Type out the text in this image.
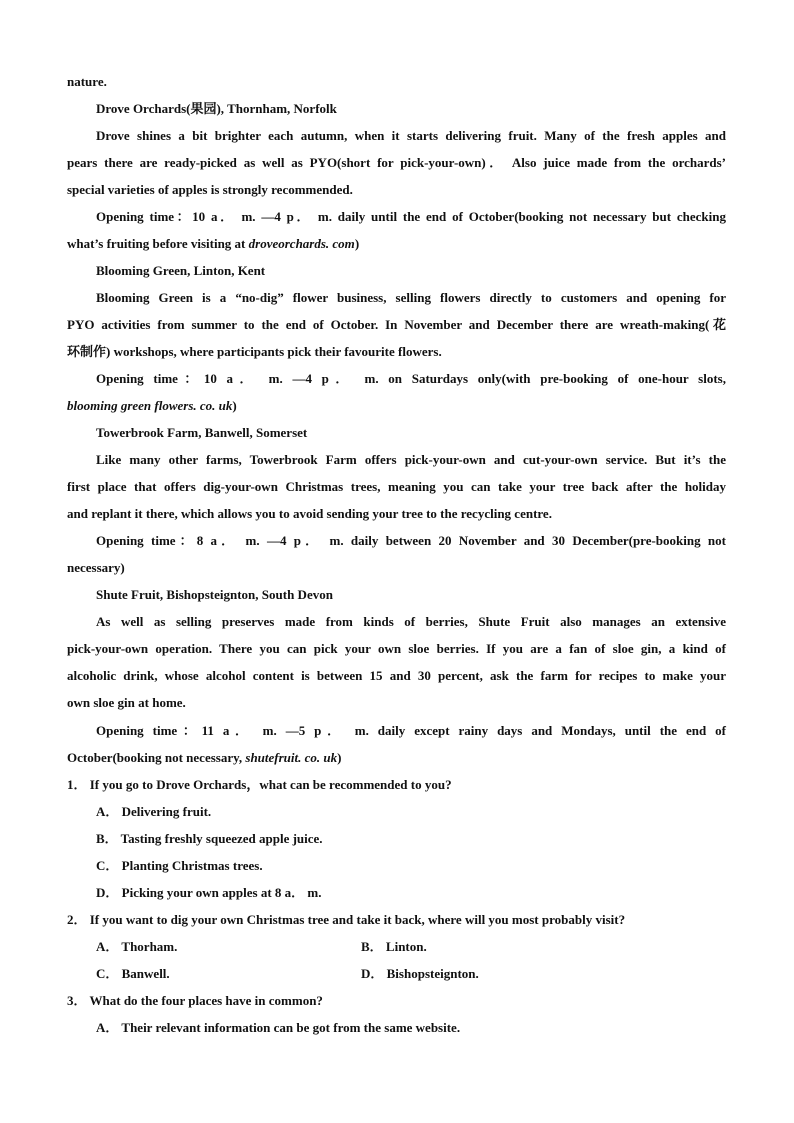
nature.
Drove Orchards(果园), Thornham, Norfolk
Drove shines a bit brighter each autumn, when it starts delivering fruit. Many of the fresh apples and
pears there are ready-picked as well as PYO(short for pick-your-own)． Also juice made from the orchards’
special varieties of apples is strongly recommended.
Opening time：10 a． m. —4 p． m. daily until the end of October(booking not necessary but checking
what’s fruiting before visiting at droveorchards. com)
Blooming Green, Linton, Kent
Blooming Green is a “no-dig” flower business, selling flowers directly to customers and opening for
PYO activities from summer to the end of October. In November and December there are wreath-making(花
环制作) workshops, where participants pick their favourite flowers.
Opening time：10 a． m. —4 p． m. on Saturdays only(with pre-booking of one-hour slots,
blooming green flowers. co. uk)
Towerbrook Farm, Banwell, Somerset
Like many other farms, Towerbrook Farm offers pick-your-own and cut-your-own service. But it’s the
first place that offers dig-your-own Christmas trees, meaning you can take your tree back after the holiday
and replant it there, which allows you to avoid sending your tree to the recycling centre.
Opening time：8 a． m. —4 p． m. daily between 20 November and 30 December(pre-booking not
necessary)
Shute Fruit, Bishopsteignton, South Devon
As well as selling preserves made from kinds of berries, Shute Fruit also manages an extensive
pick-your-own operation. There you can pick your own sloe berries. If you are a fan of sloe gin, a kind of
alcoholic drink, whose alcohol content is between 15 and 30 percent, ask the farm for recipes to make your
own sloe gin at home.
Opening time：11 a． m. —5 p． m. daily except rainy days and Mondays, until the end of
October(booking not necessary, shutefruit. co. uk)
1． If you go to Drove Orchards，what can be recommended to you?
A． Delivering fruit.
B． Tasting freshly squeezed apple juice.
C． Planting Christmas trees.
D． Picking your own apples at 8 a． m.
2． If you want to dig your own Christmas tree and take it back, where will you most probably visit?
A． Thorham.	B． Linton.
C． Banwell.	D． Bishopsteignton.
3． What do the four places have in common?
A． Their relevant information can be got from the same website.
